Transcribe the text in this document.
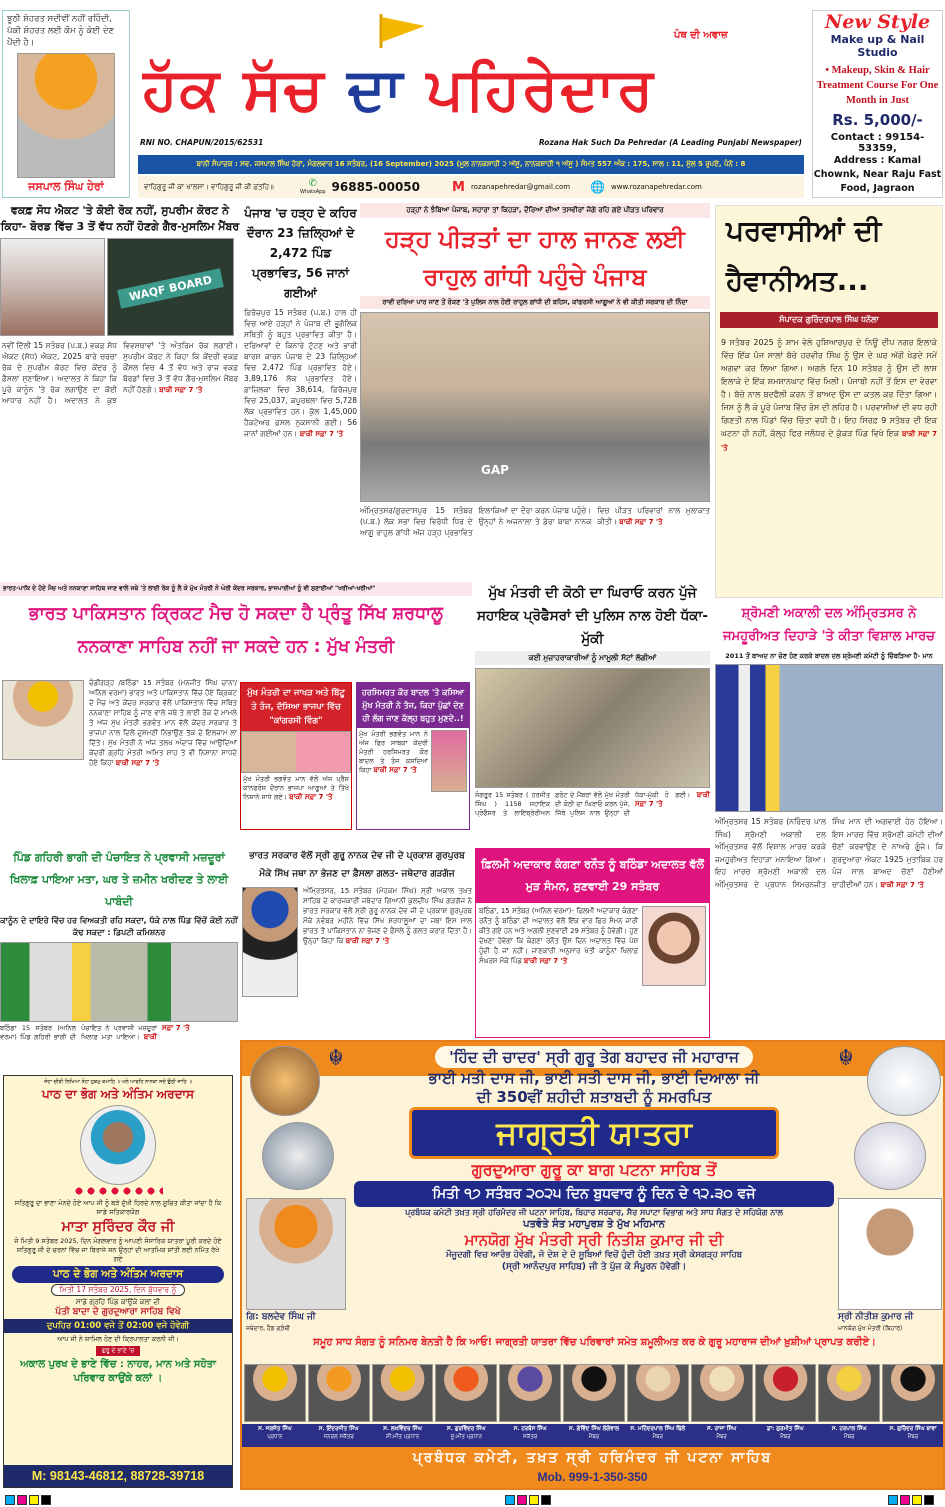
ਝੂਠੀ ਸ਼ੋਹਰਤ ਸਦੀਵੀਂ ਨਹੀਂ ਰਹਿੰਦੀ, ਪੱਕੀ ਸ਼ੋਹਰਤ ਲਈ ਕੌਮ ਨੂੰ ਕੋਈ ਦੇਣ ਪੈਂਦੀ ਹੈ।
ਜਸਪਾਲ ਸਿੰਘ ਹੇਰਾਂ
ਪੰਥ ਦੀ ਅਵਾਜ਼
ਹੱਕ ਸੱਚ ਦਾ ਪਹਿਰੇਦਾਰ
RNI NO. CHAPUN/2015/62531	Rozana Hak Such Da Pehredar (A Leading Punjabi Newspaper)
ਬਾਨੀ ਸੰਪਾਦਕ : ਸਵ. ਜਸਪਾਲ ਸਿੰਘ ਹੇਰਾਂ, ਮੰਗਲਵਾਰ 16 ਸਤੰਬਰ, (16 September) 2025 (ਮੂਲ ਨਾਨਕਸ਼ਾਹੀ ੨ ਅੱਸੂ, ਨਾਨਕਸ਼ਾਹੀ ੧ ਅੱਸੂ ) ਸੰਮਤ 557 ਅੰਕ : 175, ਸਾਲ : 11, ਮੁੱਲ 5 ਰੁਪਏ, ਪੰਨੇ : 8
ਵਾਹਿਗੁਰੂ ਜੀ ਕਾ ਖਾਲਸਾ। ਵਾਹਿਗੁਰੂ ਜੀ ਕੀ ਫ਼ਤਹਿ॥	✆
WhatsApp 96885-00050 M rozanapehredar@gmail.com 🌐 www.rozanapehredar.com
New Style
Make up & Nail Studio
• Makeup, Skin & Hair Treatment Course For One Month in Just
Rs. 5,000/-
Contact : 99154-53359,
Address : Kamal Chownk, Near Raju Fast Food, Jagraon
ਵਕਫ਼ ਸੋਧ ਐਕਟ 'ਤੇ ਕੋਈ ਰੋਕ ਨਹੀਂ, ਸੁਪਰੀਮ ਕੋਰਟ ਨੇ ਕਿਹਾ- ਬੋਰਡ ਵਿੱਚ 3 ਤੋਂ ਵੱਧ ਨਹੀਂ ਹੋਣਗੇ ਗੈਰ-ਮੁਸਲਿਮ ਮੈਂਬਰ
WAQF BOARD
ਨਵੀਂ ਦਿੱਲੀ 15 ਸਤੰਬਰ (ਪ.ਬ.) ਵਕਫ਼ ਸੋਧ ਐਕਟ (ਸੋਧ) ਐਕਟ, 2025 ਬਾਰੇ ਚਰਚਾ ਰੋਕ ਦੇ ਸੁਪਰੀਮ ਕੋਰਟ ਵਿਚ ਕੇਂਦਰ ਨੂੰ ਫ਼ੈਸਲਾ ਸੁਣਾਇਆ। ਅਦਾਲਤ ਨੇ ਕਿਹਾ ਕਿ ਪੂਰੇ ਕਾਨੂੰਨ 'ਤੇ ਰੋਕ ਲਗਾਉਣ ਦਾ ਕੋਈ ਆਧਾਰ ਨਹੀਂ ਹੈ। ਅਦਾਲਤ ਨੇ ਕੁਝ ਵਿਵਸਥਾਵਾਂ 'ਤੇ ਅੰਤਰਿਮ ਰੋਕ ਲਗਾਈ। ਸੁਪਰੀਮ ਕੋਰਟ ਨੇ ਕਿਹਾ ਕਿ ਕੇਂਦਰੀ ਵਕਫ਼ ਕੌਂਸਲ ਵਿਚ 4 ਤੋਂ ਵੱਧ ਅਤੇ ਰਾਜ ਵਕਫ਼ ਬੋਰਡਾਂ ਵਿਚ 3 ਤੋਂ ਵੱਧ ਗੈਰ-ਮੁਸਲਿਮ ਮੈਂਬਰ ਨਹੀਂ ਹੋਣਗੇ। ਬਾਕੀ ਸਫ਼ਾ 7 'ਤੇ
ਪੰਜਾਬ 'ਚ ਹੜ੍ਹ ਦੇ ਕਹਿਰ ਦੌਰਾਨ 23 ਜ਼ਿਲ੍ਹਿਆਂ ਦੇ 2,472 ਪਿੰਡ ਪ੍ਰਭਾਵਿਤ, 56 ਜਾਨਾਂ ਗਈਆਂ
ਫ਼ਿਰੋਜ਼ਪੁਰ 15 ਸਤੰਬਰ (ਪ.ਬ.) ਹਾਲ ਹੀ ਵਿਚ ਆਏ ਹੜ੍ਹਾਂ ਨੇ ਪੰਜਾਬ ਦੀ ਭੂਗੋਲਿਕ ਸਥਿਤੀ ਨੂੰ ਬਹੁਤ ਪ੍ਰਭਾਵਿਤ ਕੀਤਾ ਹੈ। ਦਰਿਆਵਾਂ ਦੇ ਕਿਨਾਰੇ ਟੁੱਟਣ ਅਤੇ ਭਾਰੀ ਬਾਰਸ਼ ਕਾਰਨ ਪੰਜਾਬ ਦੇ 23 ਜ਼ਿਲ੍ਹਿਆਂ ਵਿਚ 2,472 ਪਿੰਡ ਪ੍ਰਭਾਵਿਤ ਹੋਏ। 3,89,176 ਲੋਕ ਪ੍ਰਭਾਵਿਤ ਹੋਏ। ਫ਼ਾਜ਼ਿਲਕਾ ਵਿਚ 38,614, ਫ਼ਿਰੋਜ਼ਪੁਰ ਵਿਚ 25,037, ਕਪੂਰਥਲਾ ਵਿਚ 5,728 ਲੋਕ ਪ੍ਰਭਾਵਿਤ ਹਨ। ਕੁੱਲ 1,45,000 ਹੈਕਟੇਅਰ ਫ਼ਸਲ ਨੁਕਸਾਨੀ ਗਈ। 56 ਜਾਨਾਂ ਗਈਆਂ ਹਨ। ਬਾਕੀ ਸਫ਼ਾ 7 'ਤੇ
ਹੜ੍ਹਾਂ ਨੇ ਝੰਬਿਆ ਪੰਜਾਬ, ਸਹਾਰਾ ਤਾਂ ਕਿਹੜਾ, ਦੌਰਿਆਂ ਦੀਆਂ ਤਸਵੀਰਾਂ ਜੋਗੇ ਰਹਿ ਗਏ ਪੀੜਤ ਪਰਿਵਾਰ
ਹੜ੍ਹ ਪੀੜਤਾਂ ਦਾ ਹਾਲ ਜਾਨਣ ਲਈ ਰਾਹੁਲ ਗਾਂਧੀ ਪਹੁੰਚੇ ਪੰਜਾਬ
ਰਾਵੀ ਦਰਿਆ ਪਾਰ ਜਾਣ ਤੋਂ ਰੋਕਣ 'ਤੇ ਪੁਲਿਸ ਨਾਲ ਹੋਈ ਰਾਹੁਲ ਗਾਂਧੀ ਦੀ ਬਹਿਸ, ਕਾਂਗਰਸੀ ਆਗੂਆਂ ਨੇ ਵੀ ਕੀਤੀ ਸਰਕਾਰ ਦੀ ਨਿੰਦਾ
GAP
ਅੰਮ੍ਰਿਤਸਰ/ਗੁਰਦਾਸਪੁਰ 15 ਸਤੰਬਰ (ਪ.ਬ.) ਲੋਕ ਸਭਾ ਵਿਚ ਵਿਰੋਧੀ ਧਿਰ ਦੇ ਆਗੂ ਰਾਹੁਲ ਗਾਂਧੀ ਅੱਜ ਹੜ੍ਹ ਪ੍ਰਭਾਵਿਤ ਇਲਾਕਿਆਂ ਦਾ ਦੌਰਾ ਕਰਨ ਪੰਜਾਬ ਪਹੁੰਚੇ। ਉਨ੍ਹਾਂ ਨੇ ਅਜਨਾਲਾ ਤੇ ਡੇਰਾ ਬਾਬਾ ਨਾਨਕ ਵਿਚ ਪੀੜਤ ਪਰਿਵਾਰਾਂ ਨਾਲ ਮੁਲਾਕਾਤ ਕੀਤੀ। ਬਾਕੀ ਸਫ਼ਾ 7 'ਤੇ
ਪਰਵਾਸੀਆਂ ਦੀ ਹੈਵਾਨੀਅਤ...
ਸੰਪਾਦਕ ਗੁਰਿੰਦਰਪਾਲ ਸਿੰਘ ਧਨੌਲਾ
9 ਸਤੰਬਰ 2025 ਨੂੰ ਸ਼ਾਮ ਵੇਲੇ ਹੁਸ਼ਿਆਰਪੁਰ ਦੇ ਨਿਊ ਦੀਪ ਨਗਰ ਇਲਾਕੇ ਵਿੱਚ ਇੱਕ ਪੰਜ ਸਾਲਾਂ ਬੱਚੇ ਹਰਵੀਰ ਸਿੰਘ ਨੂੰ ਉਸ ਦੇ ਘਰ ਅੱਗੋਂ ਖੇਡਦੇ ਸਮੇਂ ਅਗਵਾ ਕਰ ਲਿਆ ਗਿਆ। ਅਗਲੇ ਦਿਨ 10 ਸਤੰਬਰ ਨੂੰ ਉਸ ਦੀ ਲਾਸ਼ ਇਲਾਕੇ ਦੇ ਇੱਕ ਸ਼ਮਸ਼ਾਨਘਾਟ ਵਿੱਚ ਮਿਲੀ। ਪੰਜਾਬੀ ਨਹੀਂ ਤੋਂ ਇਸ ਦਾ ਵੇਰਵਾ ਹੈ। ਬੱਚੇ ਨਾਲ ਬਦਫੈਲੀ ਕਰਨ ਤੋਂ ਬਾਅਦ ਉਸ ਦਾ ਕਤਲ ਕਰ ਦਿੱਤਾ ਗਿਆ। ਜਿਸ ਨੂੰ ਲੈ ਕੇ ਪੂਰੇ ਪੰਜਾਬ ਵਿੱਚ ਰੋਸ ਦੀ ਲਹਿਰ ਹੈ। ਪਰਵਾਸੀਆਂ ਦੀ ਵਧ ਰਹੀ ਗਿਣਤੀ ਨਾਲ ਪਿੰਡਾਂ ਵਿੱਚ ਚਿੰਤਾ ਵਧੀ ਹੈ। ਇਹ ਸਿਰਫ਼ 9 ਸਤੰਬਰ ਦੀ ਇਕ ਘਟਨਾ ਹੀ ਨਹੀਂ, ਕੱਲ੍ਹ ਫਿਰ ਜਲੰਧਰ ਦੇ ਕੁੱਕੜ ਪਿੰਡ ਵਿਖੇ ਇਕ ਬਾਕੀ ਸਫ਼ਾ 7 'ਤੇ
ਭਾਰਤ-ਪਾਕਿ ਦੇ ਹੋਏ ਮੈਚ ਅਤੇ ਨਨਕਾਣਾ ਸਾਹਿਬ ਜਾਣ ਵਾਲੇ ਜਥੇ 'ਤੇ ਲਾਈ ਰੋਕ ਨੂੰ ਲੈ ਕੇ ਮੁੱਖ ਮੰਤਰੀ ਨੇ ਘੇਰੀ ਕੇਂਦਰ ਸਰਕਾਰ, ਭਾਜਪਾਈਆਂ ਨੂੰ ਵੀ ਸੁਣਾਈਆਂ "ਖਰੀਆਂ-ਖਰੀਆਂ"
ਭਾਰਤ ਪਾਕਿਸਤਾਨ ਕ੍ਰਿਕਟ ਮੈਚ ਹੋ ਸਕਦਾ ਹੈ ਪ੍ਰੰਤੂ ਸਿੱਖ ਸ਼ਰਧਾਲੂ ਨਨਕਾਣਾ ਸਾਹਿਬ ਨਹੀਂ ਜਾ ਸਕਦੇ ਹਨ : ਮੁੱਖ ਮੰਤਰੀ
ਚੰਡੀਗੜ੍ਹ /ਬਠਿੰਡਾ 15 ਸਤੰਬਰ (ਮਨਜੀਤ ਸਿੰਘ ਚਾਨਾ/ ਅਨਿਲ ਵਰਮਾ) ਭਾਰਤ ਅਤੇ ਪਾਕਿਸਤਾਨ ਵਿੱਚ ਹੋਏ ਕ੍ਰਿਕਟ ਦੇ ਮੈਚ ਅਤੇ ਕੇਂਦਰ ਸਰਕਾਰ ਵੱਲੋਂ ਪਾਕਿਸਤਾਨ ਵਿੱਚ ਸਥਿਤ ਨਨਕਾਣਾ ਸਾਹਿਬ ਨੂੰ ਜਾਣ ਵਾਲੇ ਜਥੇ ਤੇ ਲਾਈ ਰੋਕ ਦੇ ਮਾਮਲੇ ਤੇ ਅੱਜ ਮੁੱਖ ਮੰਤਰੀ ਭਗਵੰਤ ਮਾਨ ਵੱਲੋਂ ਕੇਂਦਰ ਸਰਕਾਰ ਤੇ ਭਾਜਪਾ ਨਾਲ ਦਿਲੋਂ ਦੁਸ਼ਮਣੀ ਨਿਭਾਉਣ ਤੱਕ ਦੇ ਇਲਜ਼ਾਮ ਲਾ ਦਿੱਤੇ। ਮੁੱਖ ਮੰਤਰੀ ਨੇ ਅੱਜ ਤਲਖ ਅੰਦਾਜ਼ ਵਿੱਚ ਆਉਂਦਿਆਂ ਕੇਂਦਰੀ ਗ੍ਰਹਿ ਮੰਤਰੀ ਅਮਿਤ ਸ਼ਾਹ ਤੇ ਵੀ ਨਿਸ਼ਾਨਾ ਸਾਧਦੇ ਹੋਏ ਕਿਹਾ ਬਾਕੀ ਸਫ਼ਾ 7 'ਤੇ
ਮੁੱਖ ਮੰਤਰੀ ਦਾ ਜਾਖੜ ਅਤੇ ਬਿੱਟੂ ਤੇ ਤੰਜ, ਦੱਸਿਆ ਭਾਜਪਾ ਵਿੱਚ "ਕਾਂਗਰਸੀ ਵਿੰਗ"
ਮੁੱਖ ਮੰਤਰੀ ਭਗਵੰਤ ਮਾਨ ਵੱਲੋਂ ਅੱਜ ਪ੍ਰੈਸ ਕਾਨਫਰੰਸ ਦੌਰਾਨ ਭਾਜਪਾ ਆਗੂਆਂ ਤੇ ਤਿੱਖੇ ਨਿਸ਼ਾਨੇ ਸਾਧੇ ਗਏ। ਬਾਕੀ ਸਫ਼ਾ 7 'ਤੇ
ਹਰਸਿਮਰਤ ਕੌਰ ਬਾਦਲ 'ਤੇ ਕਸਿਆ ਮੁੱਖ ਮੰਤਰੀ ਨੇ ਤੰਜ, ਕਿਹਾ ਪੁੱਛਾਂ ਦੇਣ ਹੀ ਲੱਗ ਜਾਣ ਕੱਲ੍ਹ ਬਹੁਤ ਮੁਣਦੇ..!
ਮੁੱਖ ਮੰਤਰੀ ਭਗਵੰਤ ਮਾਨ ਨੇ ਅੱਜ ਫਿਰ ਸਾਬਕਾ ਕੇਂਦਰੀ ਮੰਤਰੀ ਹਰਸਿਮਰਤ ਕੌਰ ਬਾਦਲ ਤੇ ਤੰਜ ਕਸਦਿਆਂ ਕਿਹਾ ਬਾਕੀ ਸਫ਼ਾ 7 'ਤੇ
ਮੁੱਖ ਮੰਤਰੀ ਦੀ ਕੋਠੀ ਦਾ ਘਿਰਾਓ ਕਰਨ ਪੁੱਜੇ ਸਹਾਇਕ ਪ੍ਰੋਫੈਸਰਾਂ ਦੀ ਪੁਲਿਸ ਨਾਲ ਹੋਈ ਧੱਕਾ-ਮੁੱਕੀ
ਕਈ ਮੁਜ਼ਾਹਰਾਕਾਰੀਆਂ ਨੂੰ ਮਾਮੂਲੀ ਸੱਟਾਂ ਲੱਗੀਆਂ
ਸੰਗਰੂਰ 15 ਸਤੰਬਰ ( ਹਰਜੀਤ ਸਿੰਘ ) 1158 ਸਹਾਇਕ ਪ੍ਰੋਫੈਸਰ ਤੇ ਲਾਇਬ੍ਰੇਰੀਅਨ ਫਰੰਟ ਦੇ ਮੈਂਬਰਾਂ ਵੱਲੋਂ ਮੁੱਖ ਮੰਤਰੀ ਦੀ ਕੋਠੀ ਦਾ ਘਿਰਾਓ ਕਰਨ ਪੁੱਜੇ, ਜਿੱਥੇ ਪੁਲਿਸ ਨਾਲ ਉਨ੍ਹਾਂ ਦੀ ਧੱਕਾ-ਮੁੱਕੀ ਹੋ ਗਈ। ਬਾਕੀ ਸਫ਼ਾ 7 'ਤੇ
ਸ਼੍ਰੋਮਣੀ ਅਕਾਲੀ ਦਲ ਅੰਮ੍ਰਿਤਸਰ ਨੇ ਜਮਹੂਰੀਅਤ ਦਿਹਾੜੇ 'ਤੇ ਕੀਤਾ ਵਿਸ਼ਾਲ ਮਾਰਚ
2011 ਤੋਂ ਬਾਅਦ ਨਾ ਚੋਣ ਹੋਣ ਕਰਕੇ ਬਾਦਲ ਦਲ ਸ਼੍ਰੋਮਣੀ ਕਮੇਟੀ ਨੂੰ ਚਿੰਬੜਿਆ ਹੈ- ਮਾਨ
ਅੰਮ੍ਰਿਤਸਰ 15 ਸਤੰਬਰ (ਨਰਿੰਦਰ ਪਾਲ ਸਿੰਘ) ਸ਼੍ਰੋਮਣੀ ਅਕਾਲੀ ਦਲ ਅੰਮ੍ਰਿਤਸਰ ਵੱਲੋਂ ਵਿਸ਼ਾਲ ਮਾਰਚ ਕਰਕੇ ਜਮਹੂਰੀਅਤ ਦਿਹਾੜਾ ਮਨਾਇਆ ਗਿਆ। ਇਹ ਮਾਰਚ ਸ਼੍ਰੋਮਣੀ ਅਕਾਲੀ ਦਲ ਅੰਮ੍ਰਿਤਸਰ ਦੇ ਪ੍ਰਧਾਨ ਸਿਮਰਨਜੀਤ ਸਿੰਘ ਮਾਨ ਦੀ ਅਗਵਾਈ ਹੇਠ ਹੋਇਆ। ਇਸ ਮਾਰਚ ਵਿੱਚ ਸ਼੍ਰੋਮਣੀ ਕਮੇਟੀ ਦੀਆਂ ਚੋਣਾਂ ਕਰਵਾਉਣ ਦੇ ਨਾਅਰੇ ਗੂੰਜੇ। ਕਿ ਗੁਰਦੁਆਰਾ ਐਕਟ 1925 ਮੁਤਾਬਿਕ ਹਰ ਪੰਜ ਸਾਲ ਬਾਅਦ ਚੋਣਾਂ ਹੋਣੀਆਂ ਚਾਹੀਦੀਆਂ ਹਨ। ਬਾਕੀ ਸਫ਼ਾ 7 'ਤੇ
ਪਿੰਡ ਗਹਿਰੀ ਭਾਗੀ ਦੀ ਪੰਚਾਇਤ ਨੇ ਪ੍ਰਵਾਸੀ ਮਜ਼ਦੂਰਾਂ ਖਿਲਾਫ਼ ਪਾਇਆ ਮਤਾ, ਘਰ ਤੇ ਜ਼ਮੀਨ ਖਰੀਦਣ ਤੇ ਲਾਈ ਪਾਬੰਦੀ
ਕਾਨੂੰਨ ਦੇ ਦਾਇਰੇ ਵਿੱਚ ਹਰ ਵਿਅਕਤੀ ਰਹਿ ਸਕਦਾ, ਧੱਕੇ ਨਾਲ ਪਿੰਡ ਵਿੱਚੋਂ ਕੋਈ ਨਹੀਂ ਕੱਢ ਸਕਦਾ : ਡਿਪਟੀ ਕਮਿਸ਼ਨਰ
ਬਠਿੰਡਾ 15 ਸਤੰਬਰ (ਅਨਿਲ ਵਰਮਾ) ਪਿੰਡ ਗਹਿਰੀ ਭਾਗੀ ਦੀ ਪੰਚਾਇਤ ਨੇ ਪ੍ਰਵਾਸੀ ਮਜ਼ਦੂਰਾਂ ਖਿਲਾਫ਼ ਮਤਾ ਪਾਇਆ। ਬਾਕੀ ਸਫ਼ਾ 7 'ਤੇ
ਭਾਰਤ ਸਰਕਾਰ ਵੱਲੋਂ ਸ੍ਰੀ ਗੁਰੂ ਨਾਨਕ ਦੇਵ ਜੀ ਦੇ ਪ੍ਰਕਾਸ਼ ਗੁਰਪੁਰਬ ਮੌਕੇ ਸਿੱਖ ਜਥਾ ਨਾ ਭੇਜਣ ਦਾ ਫ਼ੈਸਲਾ ਗਲਤ- ਜਥੇਦਾਰ ਗੜਗੱਜ
ਅੰਮ੍ਰਿਤਸਰ, 15 ਸਤੰਬਰ (ਮੋਹਕਮ ਸਿੰਘ) ਸ੍ਰੀ ਅਕਾਲ ਤਖ਼ਤ ਸਾਹਿਬ ਦੇ ਕਾਰਜਕਾਰੀ ਜਥੇਦਾਰ ਗਿਆਨੀ ਕੁਲਦੀਪ ਸਿੰਘ ਗੜਗੱਜ ਨੇ ਭਾਰਤ ਸਰਕਾਰ ਵੱਲੋਂ ਸ੍ਰੀ ਗੁਰੂ ਨਾਨਕ ਦੇਵ ਜੀ ਦੇ ਪ੍ਰਕਾਸ਼ ਗੁਰਪੁਰਬ ਮੌਕੇ ਨਵੰਬਰ ਮਹੀਨੇ ਵਿੱਚ ਸਿੱਖ ਸ਼ਰਧਾਲੂਆਂ ਦਾ ਜਥਾ ਇਸ ਸਾਲ ਭਾਰਤ ਤੋਂ ਪਾਕਿਸਤਾਨ ਨਾ ਭੇਜਣ ਦੇ ਫ਼ੈਸਲੇ ਨੂੰ ਗਲਤ ਕਰਾਰ ਦਿੱਤਾ ਹੈ। ਉਨ੍ਹਾਂ ਕਿਹਾ ਕਿ ਬਾਕੀ ਸਫ਼ਾ 7 'ਤੇ
ਫ਼ਿਲਮੀ ਅਦਾਕਾਰ ਕੰਗਣਾ ਰਨੌਤ ਨੂੰ ਬਠਿੰਡਾ ਅਦਾਲਤ ਵੱਲੋਂ ਮੁੜ ਸੰਮਨ, ਸੁਣਵਾਈ 29 ਸਤੰਬਰ
ਬਠਿੰਡਾ, 15 ਸਤੰਬਰ (ਅਨਿਲ ਵਰਮਾ)- ਫ਼ਿਲਮੀ ਅਦਾਕਾਰ ਕੰਗਣਾ ਰਨੌਤ ਨੂੰ ਬਠਿੰਡਾ ਦੀ ਅਦਾਲਤ ਵੱਲੋਂ ਇੱਕ ਵਾਰ ਫਿਰ ਸੰਮਨ ਜਾਰੀ ਕੀਤੇ ਗਏ ਹਨ ਅਤੇ ਅਗਲੀ ਸੁਣਵਾਈ 29 ਸਤੰਬਰ ਨੂੰ ਹੋਵੇਗੀ। ਹੁਣ ਦੇਖਣਾ ਹੋਵੇਗਾ ਕਿ ਕੰਗਣਾ ਰਨੌਤ ਉਸ ਦਿਨ ਅਦਾਲਤ ਵਿੱਚ ਪੇਸ਼ ਹੁੰਦੀ ਹੈ ਜਾਂ ਨਹੀਂ। ਜਾਣਕਾਰੀ ਅਨੁਸਾਰ ਖੇਤੀ ਕਾਨੂੰਨਾਂ ਖਿਲਾਫ਼ ਸੰਘਰਸ਼ ਮੌਕੇ ਪਿੰਡ ਬਾਕੀ ਸਫ਼ਾ 7 'ਤੇ
☬	☬
'ਹਿੰਦ ਦੀ ਚਾਦਰ' ਸ੍ਰੀ ਗੁਰੂ ਤੇਗ ਬਹਾਦਰ ਜੀ ਮਹਾਰਾਜ
ਭਾਈ ਮਤੀ ਦਾਸ ਜੀ, ਭਾਈ ਸਤੀ ਦਾਸ ਜੀ, ਭਾਈ ਦਿਆਲਾ ਜੀ
ਦੀ 350ਵੀਂ ਸ਼ਹੀਦੀ ਸ਼ਤਾਬਦੀ ਨੂੰ ਸਮਰਪਿਤ
ਜਾਗ੍ਰਤੀ ਯਾਤਰਾ
ਗੁਰਦੁਆਰਾ ਗੁਰੂ ਕਾ ਬਾਗ ਪਟਨਾ ਸਾਹਿਬ ਤੋਂ
ਮਿਤੀ ੧੭ ਸਤੰਬਰ ੨੦੨੫ ਦਿਨ ਬੁਧਵਾਰ ਨੂੰ ਦਿਨ ਦੇ ੧੨.੩੦ ਵਜੇ
ਪ੍ਰਬੰਧਕ ਕਮੇਟੀ ਤਖ਼ਤ ਸ੍ਰੀ ਹਰਿਮੰਦਰ ਜੀ ਪਟਨਾ ਸਾਹਿਬ, ਬਿਹਾਰ ਸਰਕਾਰ, ਸੈਰ ਸਪਾਟਾ ਵਿਭਾਗ ਅਤੇ ਸਾਧ ਸੰਗਤ ਦੇ ਸਹਿਯੋਗ ਨਾਲ
ਪਤਵੰਤੇ ਸੰਤ ਮਹਾਪੁਰਸ਼ ਤੇ ਮੁੱਖ ਮਹਿਮਾਨ
ਮਾਨਯੋਗ ਮੁੱਖ ਮੰਤਰੀ ਸ੍ਰੀ ਨਿਤੀਸ਼ ਕੁਮਾਰ ਜੀ ਦੀ
ਮੌਜੂਦਗੀ ਵਿਚ ਆਰੰਭ ਹੋਵੇਗੀ, ਜੋ ਦੇਸ਼ ਦੇ ਦੋ ਸੂਬਿਆਂ ਵਿਚੋਂ ਹੁੰਦੀ ਹੋਈ ਤਖ਼ਤ ਸ੍ਰੀ ਕੇਸਗੜ੍ਹ ਸਾਹਿਬ
(ਸ੍ਰੀ ਆਨੰਦਪੁਰ ਸਾਹਿਬ) ਜੀ ਤੇ ਪੁੱਜ ਕੇ ਸੰਪੂਰਨ ਹੋਵੇਗੀ।
ਗਿ: ਬਲਦੇਵ ਸਿੰਘ ਜੀ
ਜਥੇਦਾਰ, ਹੈਡ ਗ੍ਰੰਥੀ
ਸ੍ਰੀ ਨੀਤੀਸ਼ ਕੁਮਾਰ ਜੀ
ਮਾਨਯੋਗ ਮੁੱਖ ਮੰਤਰੀ (ਬਿਹਾਰ)
ਸਮੂਹ ਸਾਧ ਸੰਗਤ ਨੂੰ ਸਨਿਮਰ ਬੇਨਤੀ ਹੈ ਕਿ ਆਓ! ਜਾਗ੍ਰਤੀ ਯਾਤਰਾ ਵਿੱਚ ਪਰਿਵਾਰਾਂ ਸਮੇਤ ਸ਼ਮੂਲੀਅਤ ਕਰ ਕੇ ਗੁਰੂ ਮਹਾਰਾਜ ਦੀਆਂ ਖ਼ੁਸ਼ੀਆਂ ਪ੍ਰਾਪਤ ਕਰੀਏ।
ਸ. ਜਗਜੋਤ ਸਿੰਘ
ਪ੍ਰਧਾਨ
ਸ. ਇੰਦਰਜੀਤ ਸਿੰਘ
ਜਨਰਲ ਸਕੱਤਰ
ਸ. ਲਖਵਿੰਦਰ ਸਿੰਘ
ਸੀ:ਮੀਤ ਪ੍ਰਧਾਨ
ਸ. ਗੁਰਵਿੰਦਰ ਸਿੰਘ
ਜੂ:ਮੀਤ ਪ੍ਰਧਾਨ
ਸ. ਹਰਬੰਸ ਸਿੰਘ
ਸਕੱਤਰ
ਸ. ਗੋਵਿੰਦ ਸਿੰਘ ਲੋਂਗੋਵਾਲ
ਮੈਂਬਰ
ਸ. ਮਹਿੰਦਰਪਾਲ ਸਿੰਘ ਢਿੱਲੋਂ
ਮੈਂਬਰ
ਸ. ਰਾਜਾ ਸਿੰਘ
ਮੈਂਬਰ
ਡਾ: ਗੁਰਮੀਤ ਸਿੰਘ
ਮੈਂਬਰ
ਸ. ਹਰਪਾਲ ਸਿੰਘ
ਮੈਂਬਰ
ਸ. ਗੁਰਿੰਦਰ ਸਿੰਘ ਬਾਵਾ
ਮੈਂਬਰ
ਪ੍ਰਬੰਧਕ ਕਮੇਟੀ, ਤਖ਼ਤ ਸ੍ਰੀ ਹਰਿਮੰਦਰ ਜੀ ਪਟਨਾ ਸਾਹਿਬ
Mob. 999-1-350-350
ਜੇਹਾ ਚੀਰੀ ਲਿਖਿਆ ਤੇਹਾ ਹੁਕਮੁ ਕਮਾਹਿ ॥ ਘਲੇ ਆਵਹਿ ਨਾਨਕਾ ਸਦੇ ਉਠੀ ਜਾਹਿ ॥
ਪਾਠ ਦਾ ਭੋਗ ਅਤੇ ਅੰਤਿਮ ਅਰਦਾਸ
ਸਤਿਗੁਰੂ ਦਾ ਭਾਣਾ ਮੰਨਦੇ ਹੋਏ ਆਪ ਜੀ ਨੂੰ ਬੜੇ ਦੁੱਖੀ ਹਿਰਦੇ ਨਾਲ ਸੂਚਿਤ ਕੀਤਾ ਜਾਂਦਾ ਹੈ ਕਿ ਸਾਡੇ ਸਤਿਕਾਰਯੋਗ
ਮਾਤਾ ਸੁਰਿੰਦਰ ਕੌਰ ਜੀ
ਜੋ ਮਿਤੀ 9 ਸਤੰਬਰ 2025, ਦਿਨ ਮੰਗਲਵਾਰ ਨੂੰ ਆਪਣੀ ਸੰਸਾਰਿਕ ਯਾਤਰਾ ਪੂਰੀ ਕਰਦੇ ਹੋਏ ਸਤਿਗੁਰੂ ਜੀ ਦੇ ਚਰਨਾਂ ਵਿੱਚ ਜਾ ਬਿਰਾਜੇ ਸਨ ਉਨ੍ਹਾਂ ਦੀ ਆਤਮਿਕ ਸ਼ਾਂਤੀ ਲਈ ਨਮਿੱਤ ਰੱਖੇ ਗਏ
ਪਾਠ ਦੇ ਭੋਗ ਅਤੇ ਅੰਤਿਮ ਅਰਦਾਸ
ਮਿਤੀ 17 ਸਤੰਬਰ 2025, ਦਿਨ ਬੁੱਧਵਾਰ ਨੂੰ
ਸਾਡੇ ਗ੍ਰਹਿ ਪਿੰਡ ਕਾਉਂਕੇ ਕਲਾਂ ਦੀ
ਪੱਤੀ ਬਾਦਾ ਦੇ ਗੁਰਦੁਆਰਾ ਸਾਹਿਬ ਵਿਖੇ
ਦੁਪਹਿਰ 01:00 ਵਜੇ ਤੋਂ 02:00 ਵਜੇ ਹੋਵੇਗੀ
ਆਪ ਜੀ ਨੇ ਸ਼ਾਮਿਲ ਹੋਣ ਦੀ ਕ੍ਰਿਪਾਲਤਾ ਕਰਨੀ ਜੀ।
ਗੁਰੂ ਦੇ ਭਾਣੇ 'ਚ
ਅਕਾਲ ਪੁਰਖ ਦੇ ਭਾਣੇ ਵਿੱਚ : ਨਾਹਰ, ਮਾਨ ਅਤੇ ਸਹੋਤਾ ਪਰਿਵਾਰ ਕਾਉਂਕੇ ਕਲਾਂ ।
M: 98143-46812, 88728-39718
